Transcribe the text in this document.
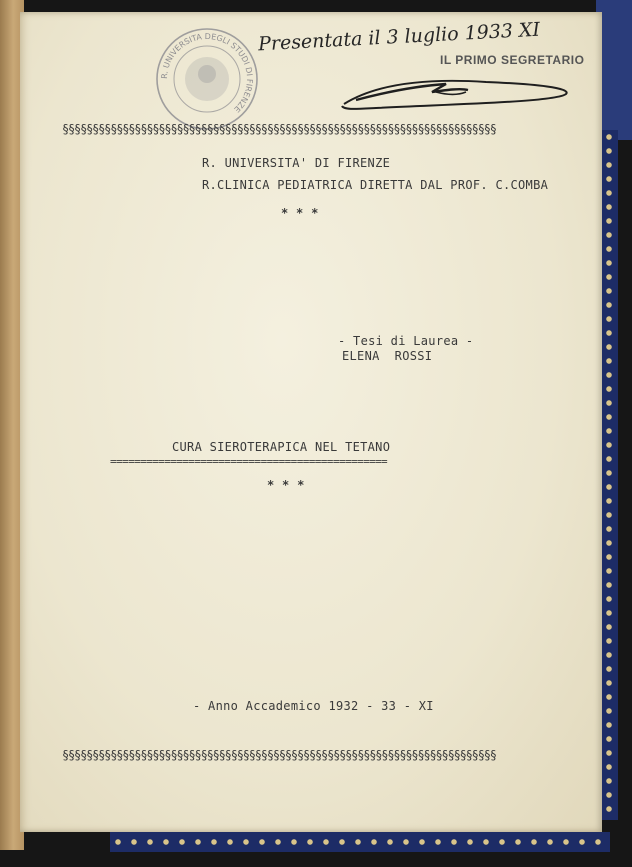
R. UNIVERSITA DEGLI STUDI DI FIRENZE
Presentata il 3 luglio 1933 XI
IL PRIMO SEGRETARIO
§§§§§§§§§§§§§§§§§§§§§§§§§§§§§§§§§§§§§§§§§§§§§§§§§§§§§§§§§§§§§§§§§§§§§§§§
R. UNIVERSITA' DI FIRENZE
R.CLINICA PEDIATRICA DIRETTA DAL PROF. C.COMBA
* * *
- Tesi di Laurea -
ELENA  ROSSI
CURA SIEROTERAPICA NEL TETANO
==============================================
* * *
- Anno Accademico 1932 - 33 - XI
§§§§§§§§§§§§§§§§§§§§§§§§§§§§§§§§§§§§§§§§§§§§§§§§§§§§§§§§§§§§§§§§§§§§§§§§
